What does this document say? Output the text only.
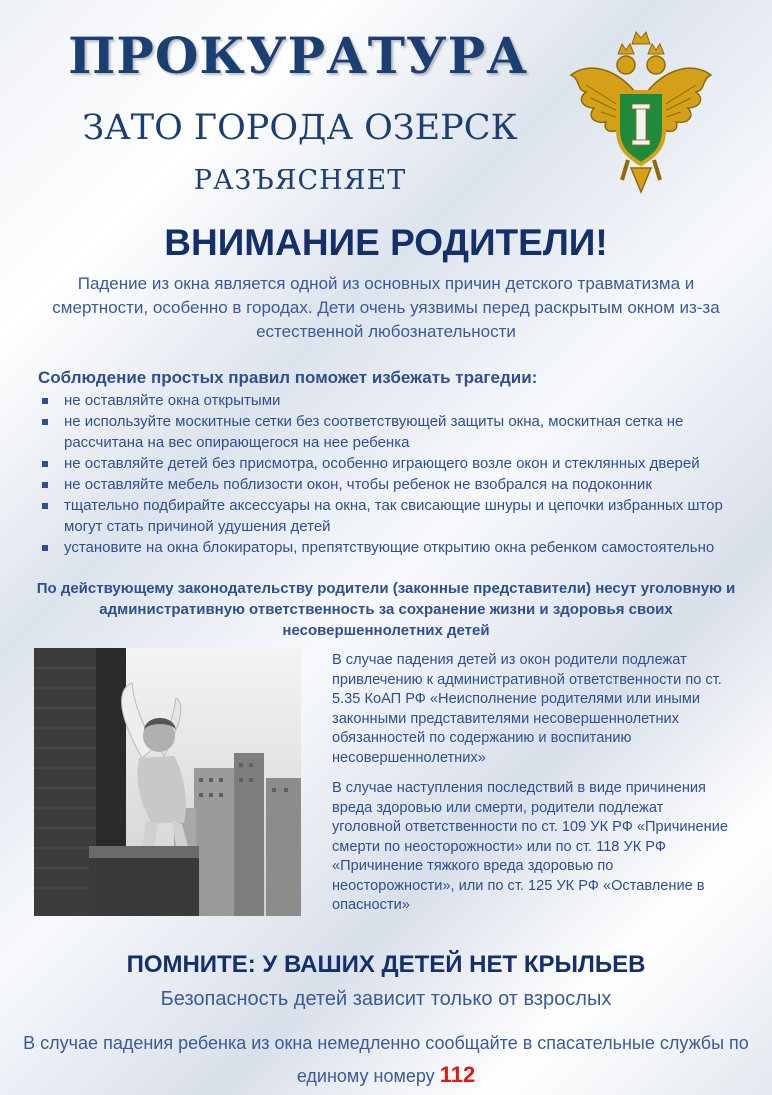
ПРОКУРАТУРА
ЗАТО ГОРОДА ОЗЕРСК
РАЗЪЯСНЯЕТ
ВНИМАНИЕ РОДИТЕЛИ!
Падение из окна является одной из основных причин детского травматизма и смертности, особенно в городах. Дети очень уязвимы перед раскрытым окном из-за естественной любознательности
Соблюдение простых правил поможет избежать трагедии:
не оставляйте окна открытыми
не используйте москитные сетки без соответствующей защиты окна, москитная сетка не рассчитана на вес опирающегося на нее ребенка
не оставляйте детей без присмотра, особенно играющего возле окон и стеклянных дверей
не оставляйте мебель поблизости окон, чтобы ребенок не взобрался на подоконник
тщательно подбирайте аксессуары на окна, так свисающие шнуры и цепочки избранных штор могут стать причиной удушения детей
установите на окна блокираторы, препятствующие открытию окна ребенком самостоятельно
По действующему законодательству родители (законные представители) несут уголовную и административную ответственность за сохранение жизни и здоровья своих несовершеннолетних детей

В случае падения детей из окон родители подлежат привлечению к административной ответственности по ст. 5.35 КоАП РФ «Неисполнение родителями или иными законными представителями несовершеннолетних обязанностей по содержанию и воспитанию несовершеннолетних»

В случае наступления последствий в виде причинения вреда здоровью или смерти, родители подлежат уголовной ответственности по ст. 109 УК РФ «Причинение смерти по неосторожности» или по ст. 118 УК РФ «Причинение тяжкого вреда здоровью по неосторожности», или по ст. 125 УК РФ «Оставление в опасности»

ПОМНИТЕ: У ВАШИХ ДЕТЕЙ НЕТ КРЫЛЬЕВ
Безопасность детей зависит только от взрослых
В случае падения ребенка из окна немедленно сообщайте в спасательные службы по единому номеру 112
